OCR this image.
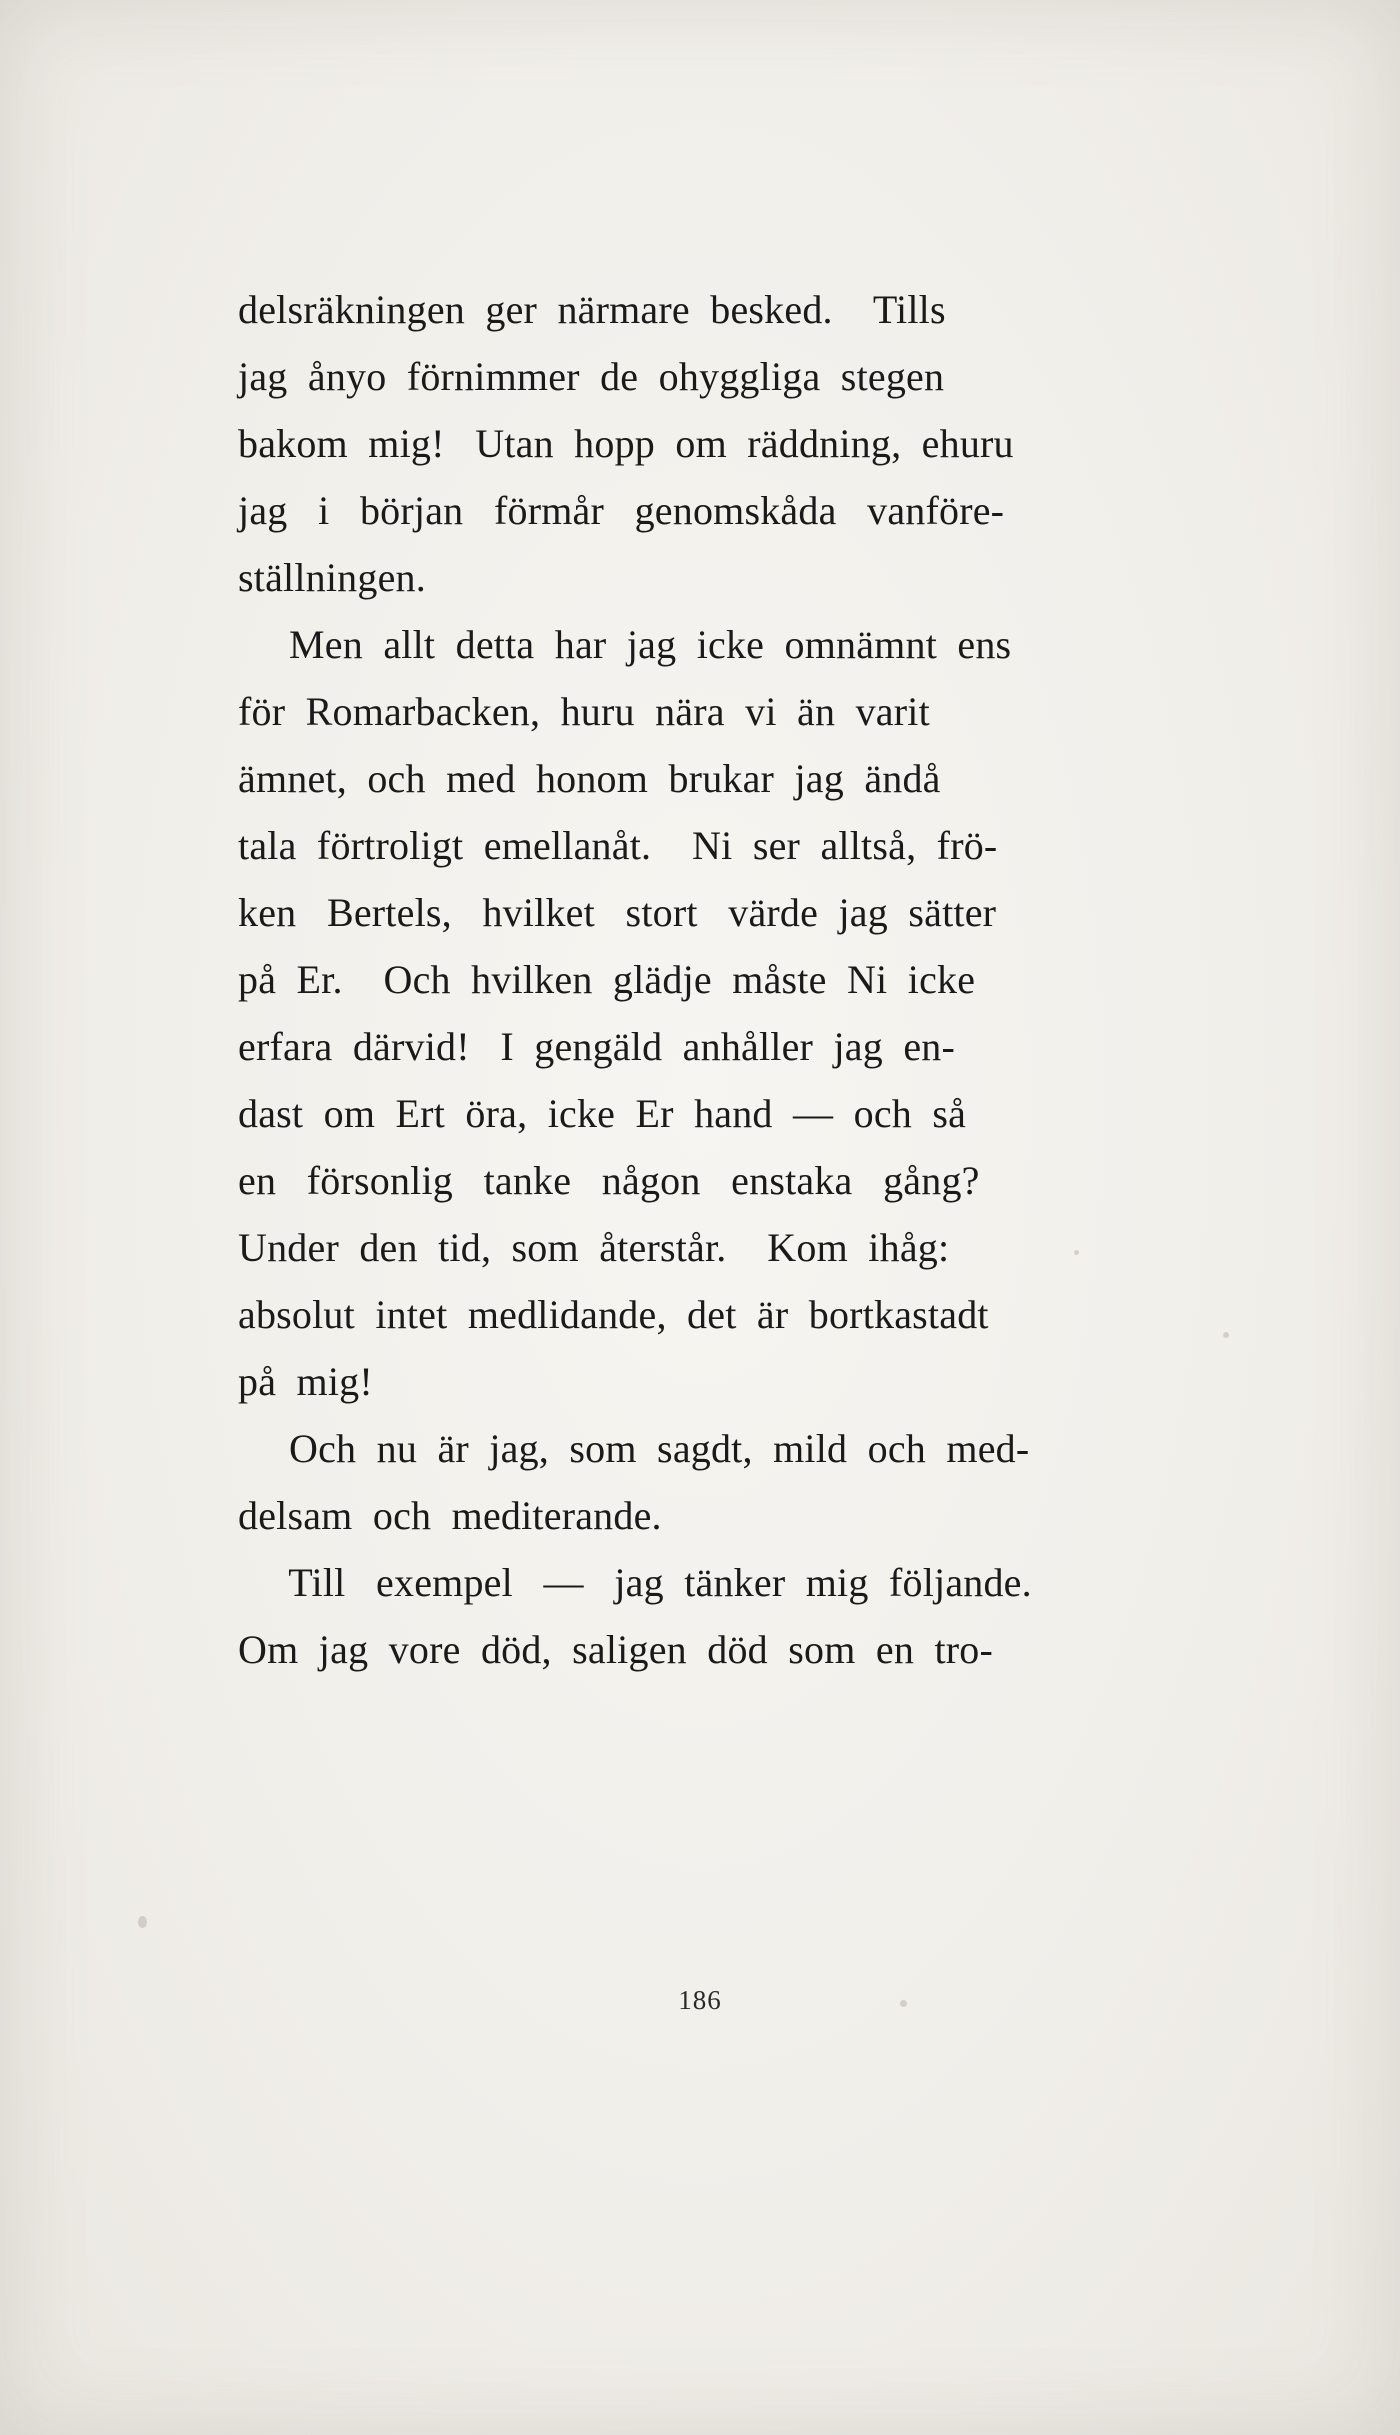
delsräkningen  ger  närmare  besked.    Tills
jag  ånyo  förnimmer  de  ohyggliga  stegen
bakom  mig!   Utan  hopp  om  räddning,  ehuru
jag   i   början   förmår   genomskåda   vanföre-
ställningen.
Men  allt  detta  har  jag  icke  omnämnt  ens
för  Romarbacken,  huru  nära  vi  än  varit
ämnet,  och  med  honom  brukar  jag  ändå
tala  förtroligt  emellanåt.    Ni  ser  alltså,  frö-
ken   Bertels,   hvilket   stort   värde  jag  sätter
på  Er.    Och  hvilken  glädje  måste  Ni  icke
erfara  därvid!   I  gengäld  anhåller  jag  en-
dast  om  Ert  öra,  icke  Er  hand  —  och  så
en   försonlig   tanke   någon   enstaka   gång?
Under  den  tid,  som  återstår.    Kom  ihåg:
absolut  intet  medlidande,  det  är  bortkastadt
på  mig!
Och  nu  är  jag,  som  sagdt,  mild  och  med-
delsam  och  mediterande.
Till   exempel   —   jag  tänker  mig  följande.
Om  jag  vore  död,  saligen  död  som  en  tro-
186
